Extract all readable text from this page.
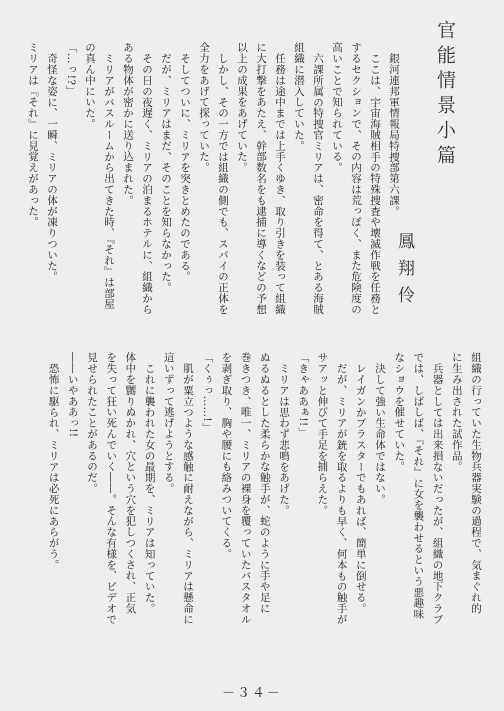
官能情景小篇
鳳翔伶
銀河連邦軍情報局特捜部第六課。
ここは、宇宙海賊相手の特殊捜査や壊滅作戦を任務と
するセクションで、その内容は荒っぽく、また危険度の
高いことで知られている。
六課所属の特捜官ミリアは、密命を得て、とある海賊
組織に潜入していた。
任務は途中までは上手くゆき、取り引きを装って組織
に大打撃をあたえ、幹部数名をも逮捕に導くなどの予想
以上の成果をあげていた。
しかし、その一方では組織の側でも、スパイの正体を
全力をあげて探っていた。
そしてついに、ミリアを突きとめたのである。
だが、ミリアはまだ、そのことを知らなかった。
その日の夜遅く、ミリアの泊まるホテルに、組織から
ある物体が密かに送り込まれた。
ミリアがバスルームから出てきた時、『それ』は部屋
の真ん中にいた。
「…っ!?」
奇怪な姿に、一瞬、ミリアの体が凍りついた。
ミリアは『それ』に見覚えがあった。
組織の行っていた生物兵器実験の過程で、気まぐれ的
に生み出された試作品。
兵器としては出来損ないだったが、組織の地下クラブ
では、しばしば、『それ』に女を襲わせるという悪趣味
なショウを催せていた。
決して強い生命体ではない。
レイガンかブラスターでもあれば、簡単に倒せる。
だが、ミリアが銃を取るよりも早く、何本もの触手が
サアッと伸びて手足を捕らえた。
「きゃああぁ!!」
ミリアは思わず悲鳴をあげた。
ぬるぬるとした柔らかな触手が、蛇のように手や足に
巻きつき、唯一、ミリアの裸身を覆っていたバスタオル
を剥ぎ取り、胸や腰にも絡みついてくる。
「くぅっ……!」
肌が粟立つような感触に耐えながら、ミリアは懸命に
這いずって逃げようとする。
これに襲われた女の最期を、ミリアは知っていた。
体中を嬲りぬかれ、穴という穴を犯しつくされ、正気
を失って狂い死んでいく――。そんな有様を、ビデオで
見せられたことがあるのだ。
――いやああっ!!
恐怖に駆られ、ミリアは必死にあらがう。
－３４－
